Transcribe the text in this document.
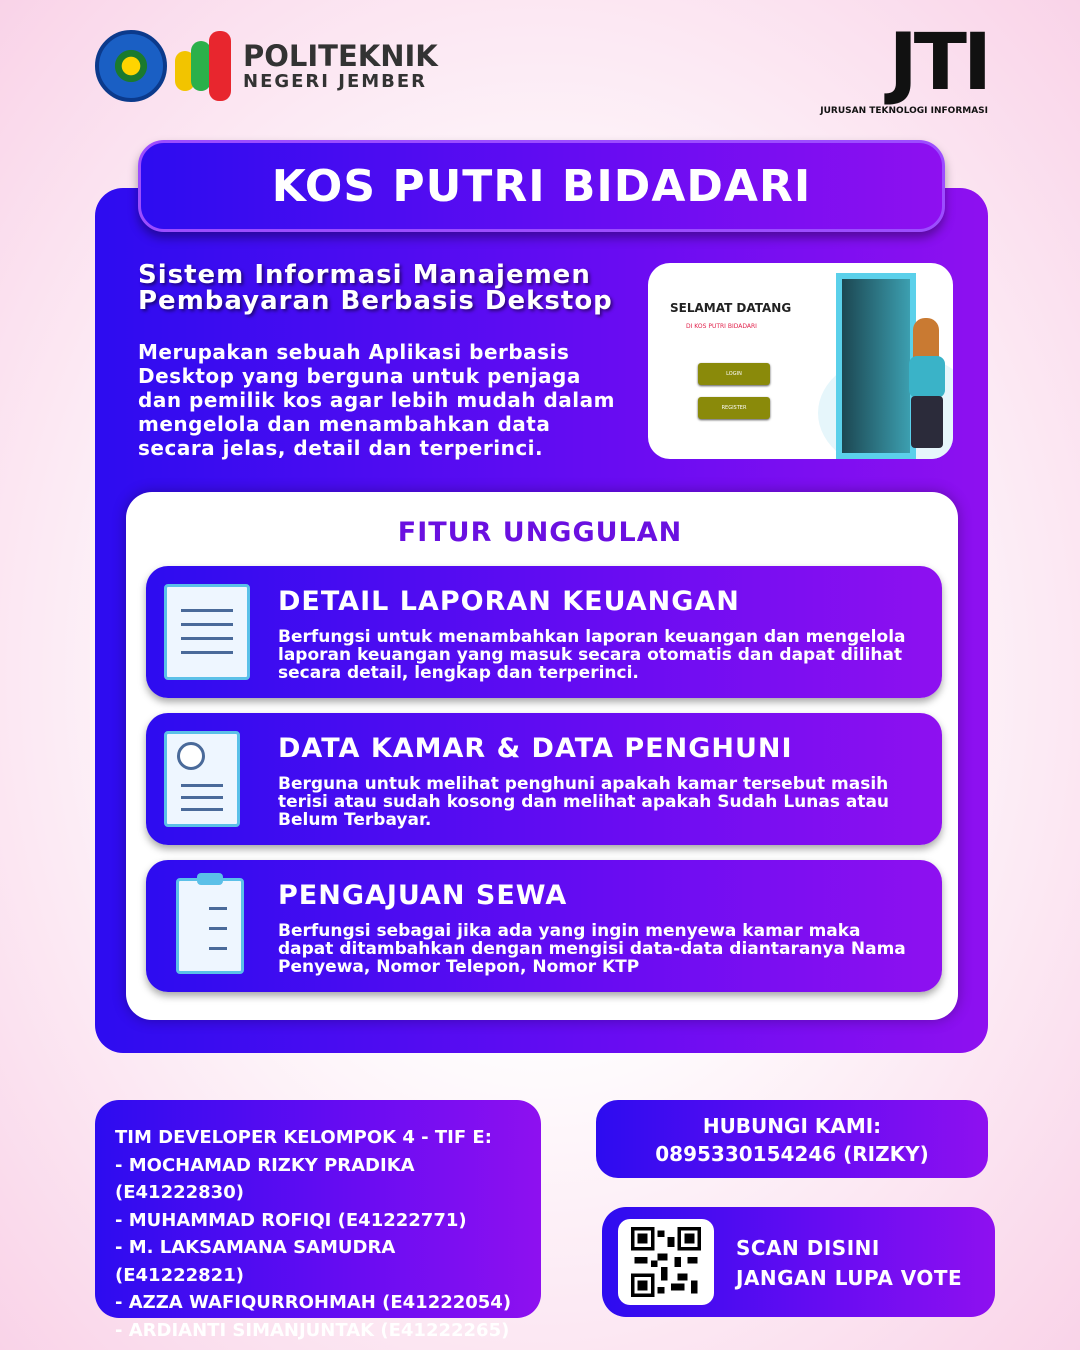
POLITEKNIK
NEGERI JEMBER	JTI
JURUSAN TEKNOLOGI INFORMASI
KOS PUTRI BIDADARI
Sistem Informasi Manajemen
Pembayaran Berbasis Dekstop
Merupakan sebuah Aplikasi berbasis Desktop yang berguna untuk penjaga dan pemilik kos agar lebih mudah dalam mengelola dan menambahkan data secara jelas, detail dan terperinci.
SELAMAT DATANG
DI KOS PUTRI BIDADARI
LOGIN
REGISTER
FITUR UNGGULAN
DETAIL LAPORAN KEUANGAN

Berfungsi untuk menambahkan laporan keuangan dan mengelola laporan keuangan yang masuk secara otomatis dan dapat dilihat secara detail, lengkap dan terperinci.

DATA KAMAR & DATA PENGHUNI

Berguna untuk melihat penghuni apakah kamar tersebut masih terisi atau sudah kosong dan melihat apakah Sudah Lunas atau Belum Terbayar.

PENGAJUAN SEWA

Berfungsi sebagai jika ada yang ingin menyewa kamar maka dapat ditambahkan dengan mengisi data-data diantaranya Nama Penyewa, Nomor Telepon, Nomor KTP

TIM DEVELOPER KELOMPOK 4 - TIF E:
- MOCHAMAD RIZKY PRADIKA (E41222830)
- MUHAMMAD ROFIQI (E41222771)
- M. LAKSAMANA SAMUDRA (E41222821)
- AZZA WAFIQURROHMAH (E41222054)
- ARDIANTI SIMANJUNTAK (E41222265)
HUBUNGI KAMI:
0895330154246 (RIZKY)
SCAN DISINI
JANGAN LUPA VOTE
